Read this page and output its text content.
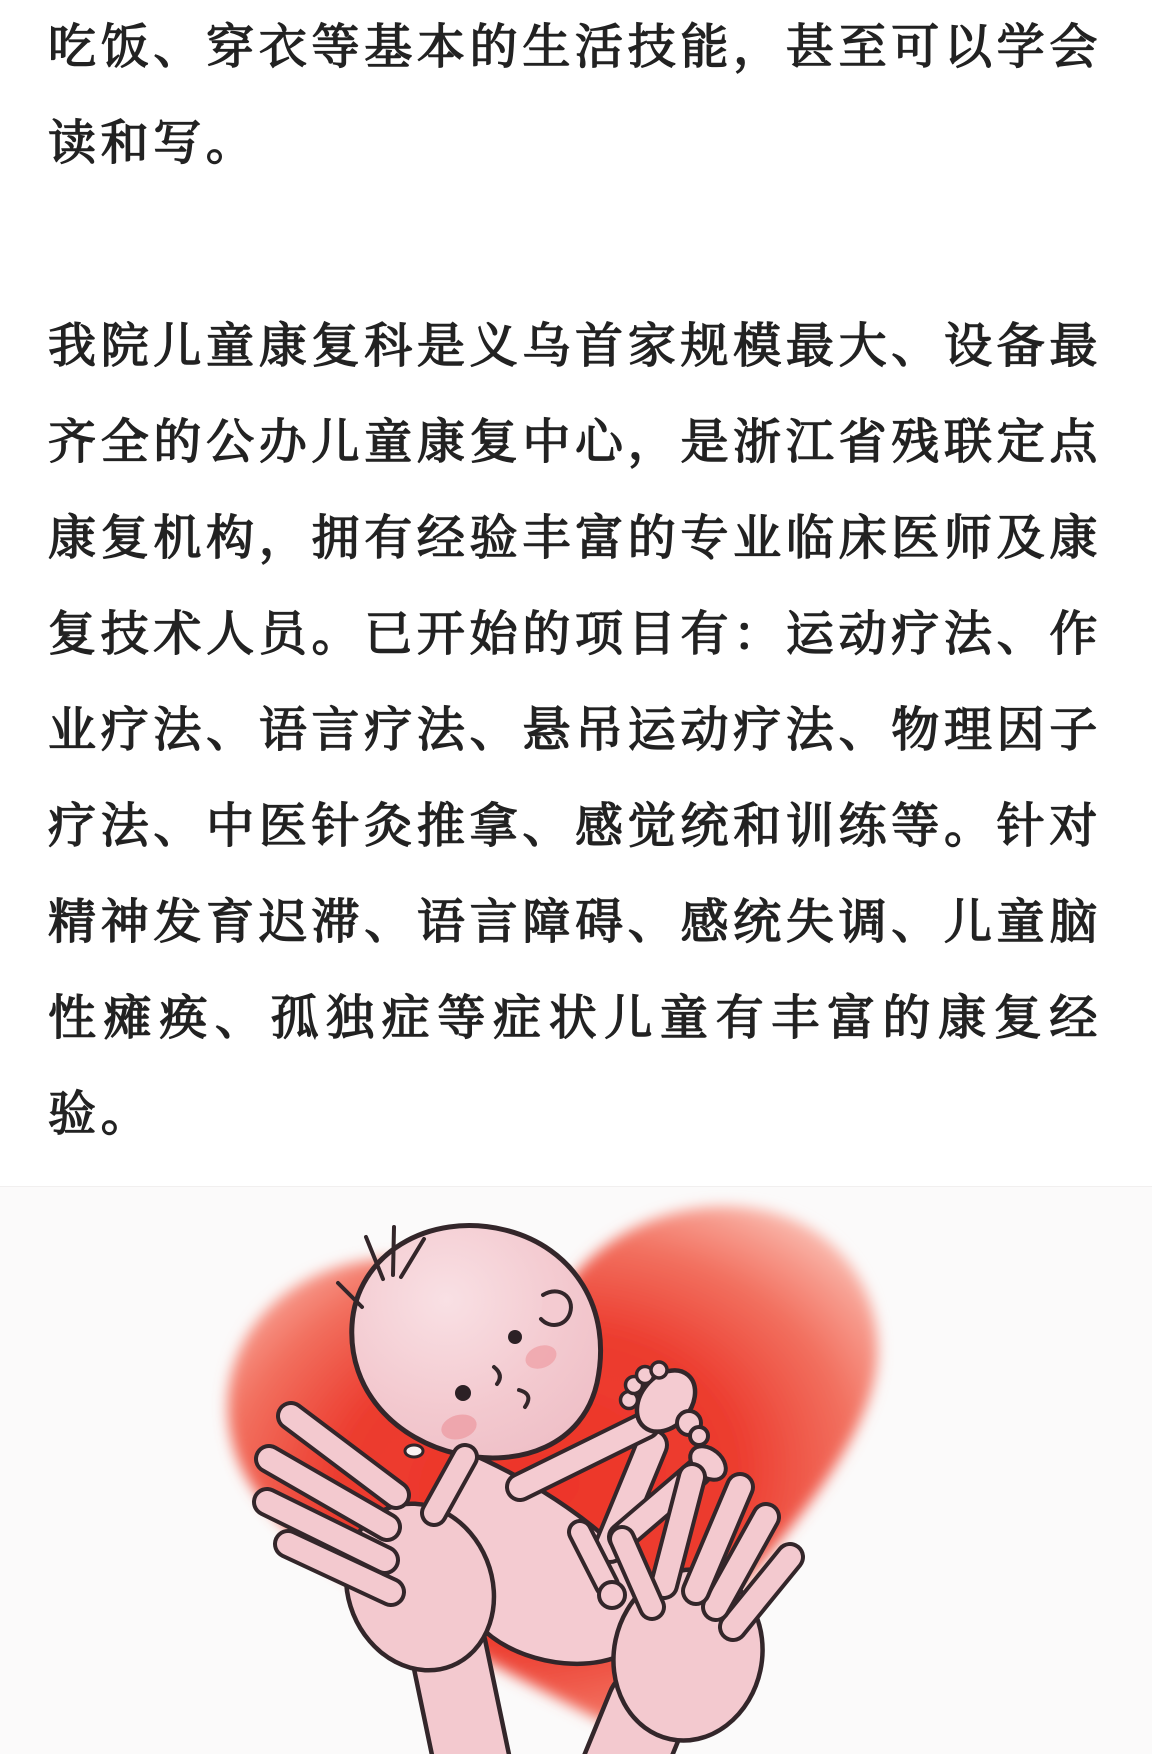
吃饭、穿衣等基本的生活技能，甚至可以学会
读和写。
我院儿童康复科是义乌首家规模最大、设备最
齐全的公办儿童康复中心，是浙江省残联定点
康复机构，拥有经验丰富的专业临床医师及康
复技术人员。已开始的项目有：运动疗法、作
业疗法、语言疗法、悬吊运动疗法、物理因子
疗法、中医针灸推拿、感觉统和训练等。针对
精神发育迟滞、语言障碍、感统失调、儿童脑
性瘫痪、孤独症等症状儿童有丰富的康复经
验。
